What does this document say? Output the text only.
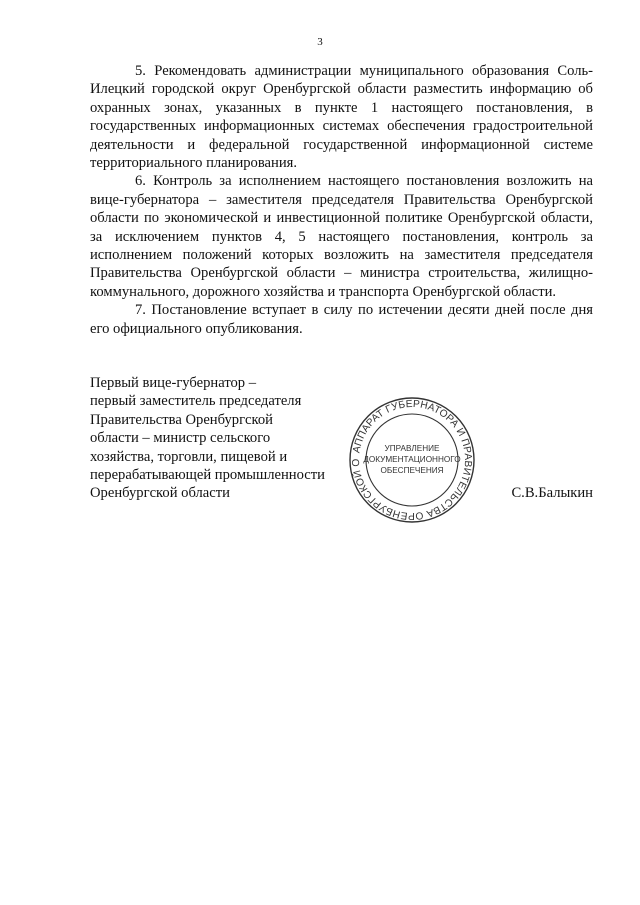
3

5. Рекомендовать администрации муниципального образования Соль-Илецкий городской округ Оренбургской области разместить информацию об охранных зонах, указанных в пункте 1 настоящего постановления, в государственных информационных системах обеспечения градостроительной деятельности и федеральной государственной информационной системе территориального планирования.

6. Контроль за исполнением настоящего постановления возложить на вице-губернатора – заместителя председателя Правительства Оренбургской области по экономической и инвестиционной политике Оренбургской области, за исключением пунктов 4, 5 настоящего постановления, контроль за исполнением положений которых возложить на заместителя председателя Правительства Оренбургской области – министра строительства, жилищно-коммунального, дорожного хозяйства и транспорта Оренбургской области.

7. Постановление вступает в силу по истечении десяти дней после дня его официального опубликования.

Первый вице-губернатор –
первый заместитель председателя
Правительства Оренбургской
области – министр сельского
хозяйства, торговли, пищевой и
перерабатывающей промышленности
Оренбургской области
АППАРАТ ГУБЕРНАТОРА И ПРАВИТЕЛЬСТВА ОРЕНБУРГСКОЙ О
УПРАВЛЕНИЕ
ДОКУМЕНТАЦИОННОГО
ОБЕСПЕЧЕНИЯ
С.В.Балыкин
